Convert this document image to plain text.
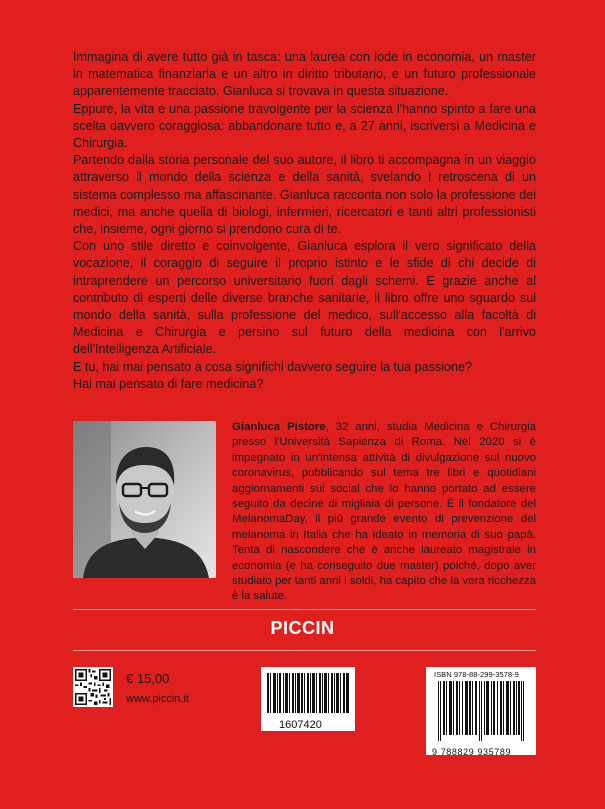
Immagina di avere tutto già in tasca: una laurea con lode in economia, un master in matematica finanziaria e un altro in diritto tributario, e un futuro professionale apparentemente tracciato. Gianluca si trovava in questa situazione.

Eppure, la vita e una passione travolgente per la scienza l'hanno spinto a fare una scelta davvero coraggiosa: abbandonare tutto e, a 27 anni, iscriversi a Medicina e Chirurgia.

Partendo dalla storia personale del suo autore, il libro ti accompagna in un viaggio attraverso il mondo della scienza e della sanità, svelando i retroscena di un sistema complesso ma affascinante. Gianluca racconta non solo la professione dei medici, ma anche quella di biologi, infermieri, ricercatori e tanti altri professionisti che, insieme, ogni giorno si prendono cura di te.

Con uno stile diretto e coinvolgente, Gianluca esplora il vero significato della vocazione, il coraggio di seguire il proprio istinto e le sfide di chi decide di intraprendere un percorso universitario fuori dagli schemi. E grazie anche al contributo di esperti delle diverse branche sanitarie, il libro offre uno sguardo sul mondo della sanità, sulla professione del medico, sull'accesso alla facoltà di Medicina e Chirurgia e persino sul futuro della medicina con l'arrivo dell'Intelligenza Artificiale.

E tu, hai mai pensato a cosa significhi davvero seguire la tua passione?

Hai mai pensato di fare medicina?

Gianluca Pistore, 32 anni, studia Medicina e Chirurgia presso l'Università Sapienza di Roma. Nel 2020 si è impegnato in un'intensa attività di divulgazione sul nuovo coronavirus, pubblicando sul tema tre libri e quotidiani aggiornamenti sui social che lo hanno portato ad essere seguito da decine di migliaia di persone. È il fondatore del MelanomaDay, il più grande evento di prevenzione del melanoma in Italia che ha ideato in memoria di suo papà. Tenta di nascondere che è anche laureato magistrale in economia (e ha conseguito due master) poiché, dopo aver studiato per tanti anni i soldi, ha capito che la vera ricchezza è la salute.

PICCIN
€ 15,00
www.piccin.it
1607420
ISBN 978-88-299-3578-9
9 788829 935789
